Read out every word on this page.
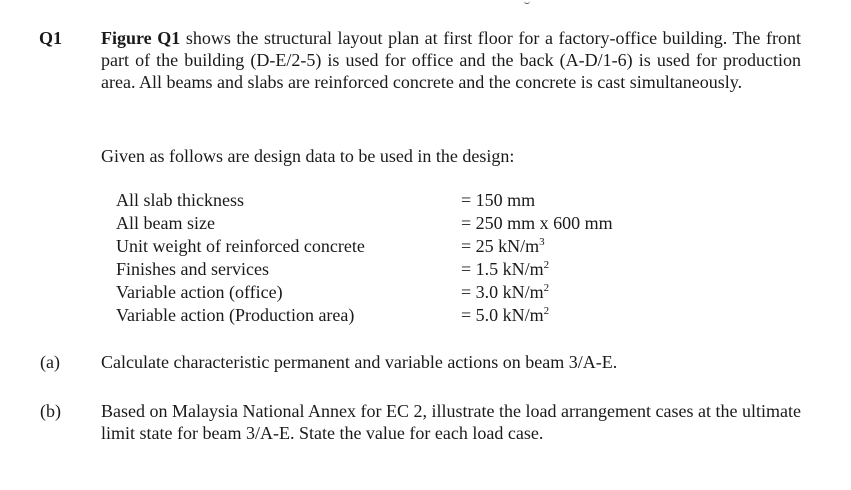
Q1 Figure Q1 shows the structural layout plan at first floor for a factory-office building. The front part of the building (D-E/2-5) is used for office and the back (A-D/1-6) is used for production area. All beams and slabs are reinforced concrete and the concrete is cast simultaneously.

Given as follows are design data to be used in the design:

All slab thickness	= 150 mm
All beam size	= 250 mm x 600 mm
Unit weight of reinforced concrete	= 25 $kN/m^3$
Finishes and services	= 1.5 $kN/m^2$
Variable action (office)	= 3.0 $kN/m^2$
Variable action (Production area)	= 5.0 $kN/m^2$
(a) Calculate characteristic permanent and variable actions on beam 3/A-E.

(b) Based on Malaysia National Annex for EC 2, illustrate the load arrangement cases at the ultimate limit state for beam 3/A-E. State the value for each load case.
